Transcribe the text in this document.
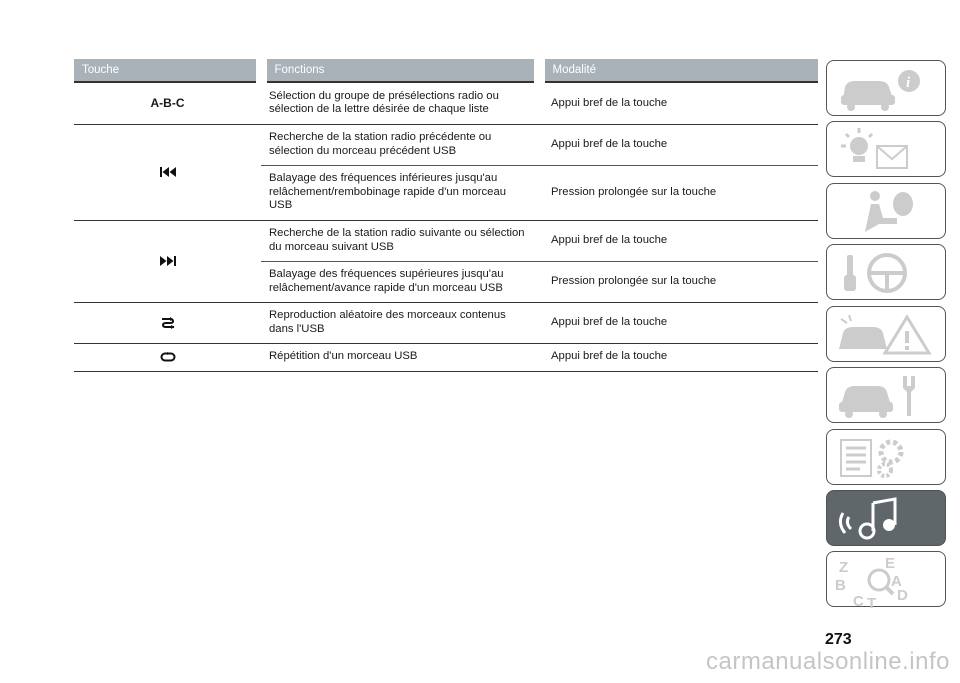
Touche	Fonctions	Modalité
A-B-C	Sélection du groupe de présélections radio ou sélection de la lettre désirée de chaque liste	Appui bref de la touche

	Recherche de la station radio précédente ou sélection du morceau précédent USB	Appui bref de la touche
	Balayage des fréquences inférieures jusqu'au relâchement/rembobinage rapide d'un morceau USB	Pression prolongée sur la touche

	Recherche de la station radio suivante ou sélection du morceau suivant USB	Appui bref de la touche
	Balayage des fréquences supérieures jusqu'au relâchement/avance rapide d'un morceau USB	Pression prolongée sur la touche

	Reproduction aléatoire des morceaux contenus dans l'USB	Appui bref de la touche

	Répétition d'un morceau USB	Appui bref de la touche
i
Z E
B	A
C T D
273
carmanualsonline.info
